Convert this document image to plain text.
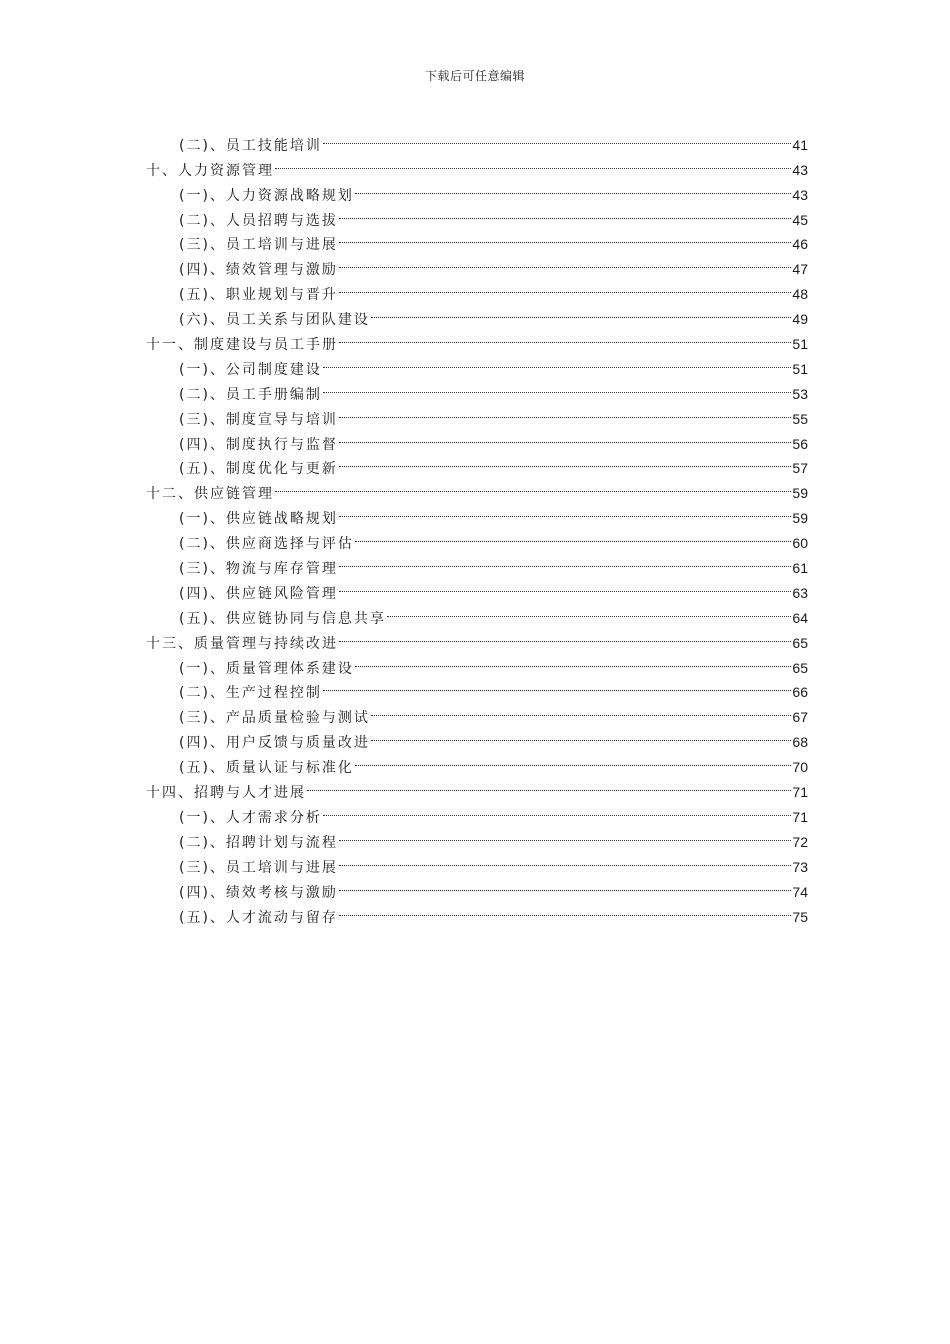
下载后可任意编辑
(二)、员工技能培训	41
十、人力资源管理	43
(一)、人力资源战略规划	43
(二)、人员招聘与选拔	45
(三)、员工培训与进展	46
(四)、绩效管理与激励	47
(五)、职业规划与晋升	48
(六)、员工关系与团队建设	49
十一、制度建设与员工手册	51
(一)、公司制度建设	51
(二)、员工手册编制	53
(三)、制度宣导与培训	55
(四)、制度执行与监督	56
(五)、制度优化与更新	57
十二、供应链管理	59
(一)、供应链战略规划	59
(二)、供应商选择与评估	60
(三)、物流与库存管理	61
(四)、供应链风险管理	63
(五)、供应链协同与信息共享	64
十三、质量管理与持续改进	65
(一)、质量管理体系建设	65
(二)、生产过程控制	66
(三)、产品质量检验与测试	67
(四)、用户反馈与质量改进	68
(五)、质量认证与标准化	70
十四、招聘与人才进展	71
(一)、人才需求分析	71
(二)、招聘计划与流程	72
(三)、员工培训与进展	73
(四)、绩效考核与激励	74
(五)、人才流动与留存	75
